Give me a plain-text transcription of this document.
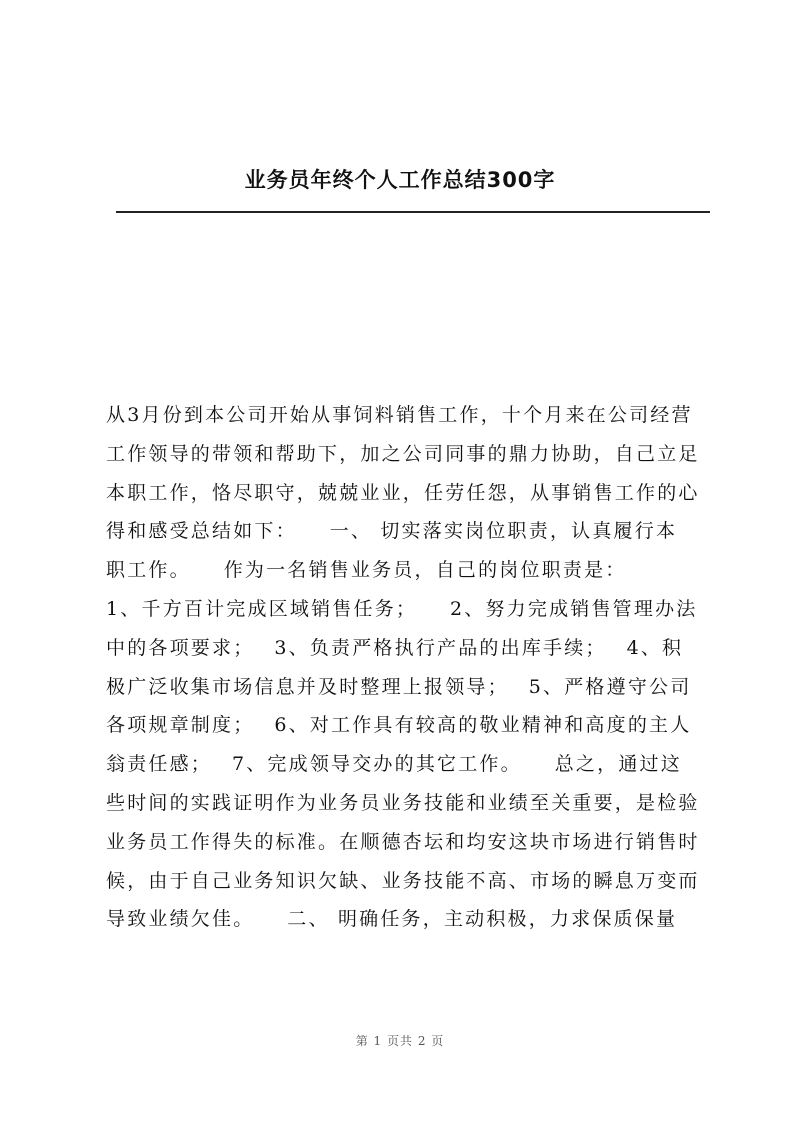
业务员年终个人工作总结300字
从3月份到本公司开始从事饲料销售工作，十个月来在公司经营
工作领导的带领和帮助下，加之公司同事的鼎力协助，自己立足
本职工作，恪尽职守，兢兢业业，任劳任怨，从事销售工作的心
得和感受总结如下：　　一、 切实落实岗位职责，认真履行本
职工作。　　作为一名销售业务员，自己的岗位职责是：
1、千方百计完成区域销售任务；　　2、努力完成销售管理办法
中的各项要求；　 3、负责严格执行产品的出库手续；　 4、积
极广泛收集市场信息并及时整理上报领导；　 5、严格遵守公司
各项规章制度；　 6、对工作具有较高的敬业精神和高度的主人
翁责任感；　 7、完成领导交办的其它工作。　　总之，通过这
些时间的实践证明作为业务员业务技能和业绩至关重要，是检验
业务员工作得失的标准。在顺德杏坛和均安这块市场进行销售时
候，由于自己业务知识欠缺、业务技能不高、市场的瞬息万变而
导致业绩欠佳。　　二、 明确任务，主动积极，力求保质保量
第 1 页共 2 页
